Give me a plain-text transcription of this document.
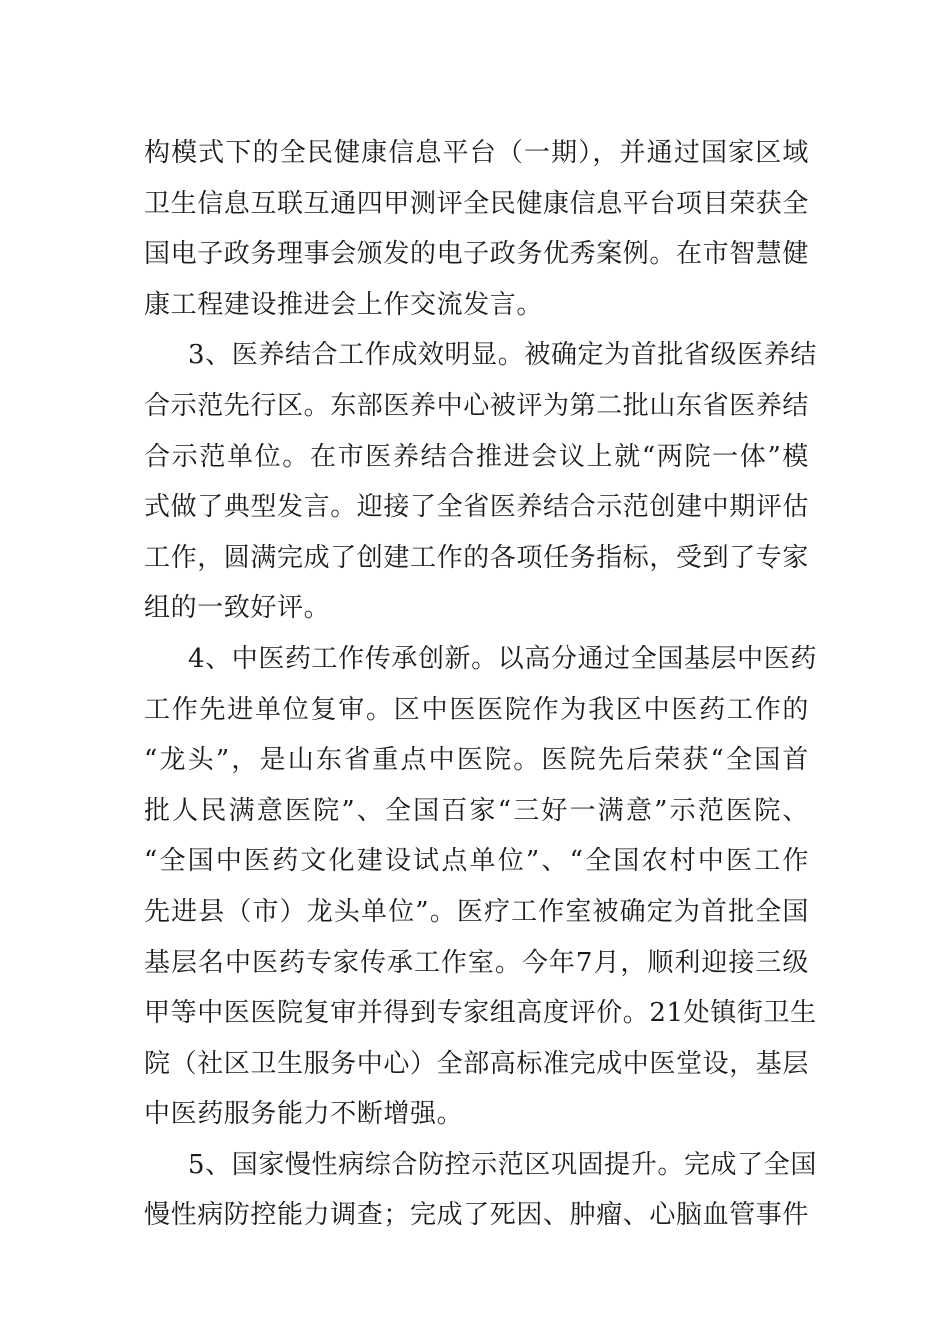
构模式下的全民健康信息平台（一期），并通过国家区域
卫生信息互联互通四甲测评全民健康信息平台项目荣获全
国电子政务理事会颁发的电子政务优秀案例。在市智慧健
康工程建设推进会上作交流发言。
3、医养结合工作成效明显。被确定为首批省级医养结
合示范先行区。东部医养中心被评为第二批山东省医养结
合示范单位。在市医养结合推进会议上就“两院一体”模
式做了典型发言。迎接了全省医养结合示范创建中期评估
工作，圆满完成了创建工作的各项任务指标，受到了专家
组的一致好评。
4、中医药工作传承创新。以高分通过全国基层中医药
工作先进单位复审。区中医医院作为我区中医药工作的
“龙头”，是山东省重点中医院。医院先后荣获“全国首
批人民满意医院”、全国百家“三好一满意”示范医院、
“全国中医药文化建设试点单位”、“全国农村中医工作
先进县（市）龙头单位”。医疗工作室被确定为首批全国
基层名中医药专家传承工作室。今年7月，顺利迎接三级
甲等中医医院复审并得到专家组高度评价。21处镇街卫生
院（社区卫生服务中心）全部高标准完成中医堂设，基层
中医药服务能力不断增强。
5、国家慢性病综合防控示范区巩固提升。完成了全国
慢性病防控能力调查；完成了死因、肿瘤、心脑血管事件
